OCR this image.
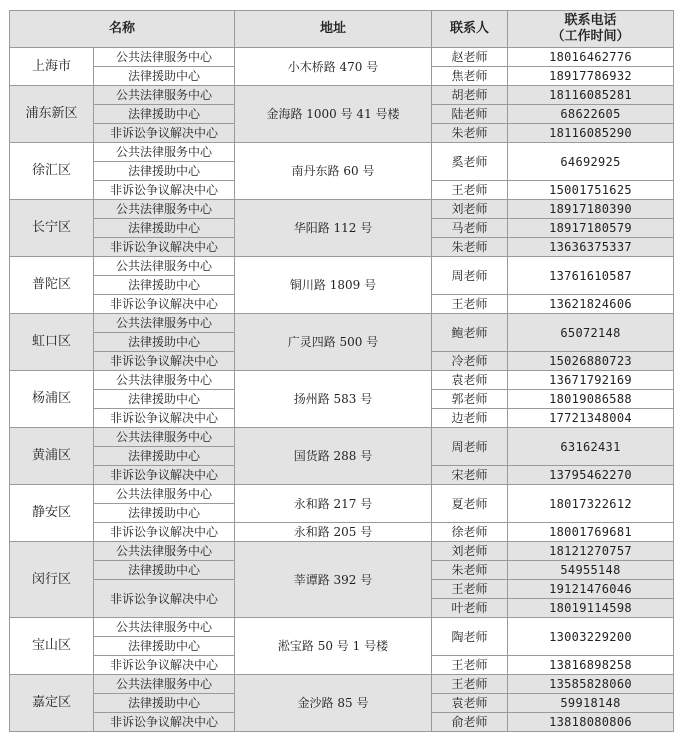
名称		地址	联系人	联系电话
（工作时间）

上海市	公共法律服务中心	小木桥路 470 号	赵老师	18016462776
	法律援助中心		焦老师	18917786932
浦东新区	公共法律服务中心	金海路 1000 号 41 号楼	胡老师	18116085281
	法律援助中心		陆老师	68622605
	非诉讼争议解决中心		朱老师	18116085290
徐汇区	公共法律服务中心	南丹东路 60 号	奚老师	64692925
	法律援助中心			
	非诉讼争议解决中心		王老师	15001751625
长宁区	公共法律服务中心	华阳路 112 号	刘老师	18917180390
	法律援助中心		马老师	18917180579
	非诉讼争议解决中心		朱老师	13636375337
普陀区	公共法律服务中心	铜川路 1809 号	周老师	13761610587
	法律援助中心			
	非诉讼争议解决中心		王老师	13621824606
虹口区	公共法律服务中心	广灵四路 500 号	鲍老师	65072148
	法律援助中心			
	非诉讼争议解决中心		冷老师	15026880723
杨浦区	公共法律服务中心	扬州路 583 号	袁老师	13671792169
	法律援助中心		郭老师	18019086588
	非诉讼争议解决中心		边老师	17721348004
黄浦区	公共法律服务中心	国货路 288 号	周老师	63162431
	法律援助中心			
	非诉讼争议解决中心		宋老师	13795462270
静安区	公共法律服务中心	永和路 217 号	夏老师	18017322612
	法律援助中心			
	非诉讼争议解决中心	永和路 205 号	徐老师	18001769681
闵行区	公共法律服务中心	莘谭路 392 号	刘老师	18121270757
	法律援助中心		朱老师	54955148
	非诉讼争议解决中心		王老师	19121476046
			叶老师	18019114598
宝山区	公共法律服务中心	淞宝路 50 号 1 号楼	陶老师	13003229200
	法律援助中心			
	非诉讼争议解决中心		王老师	13816898258
嘉定区	公共法律服务中心	金沙路 85 号	王老师	13585828060
	法律援助中心		袁老师	59918148
	非诉讼争议解决中心		俞老师	13818080806
